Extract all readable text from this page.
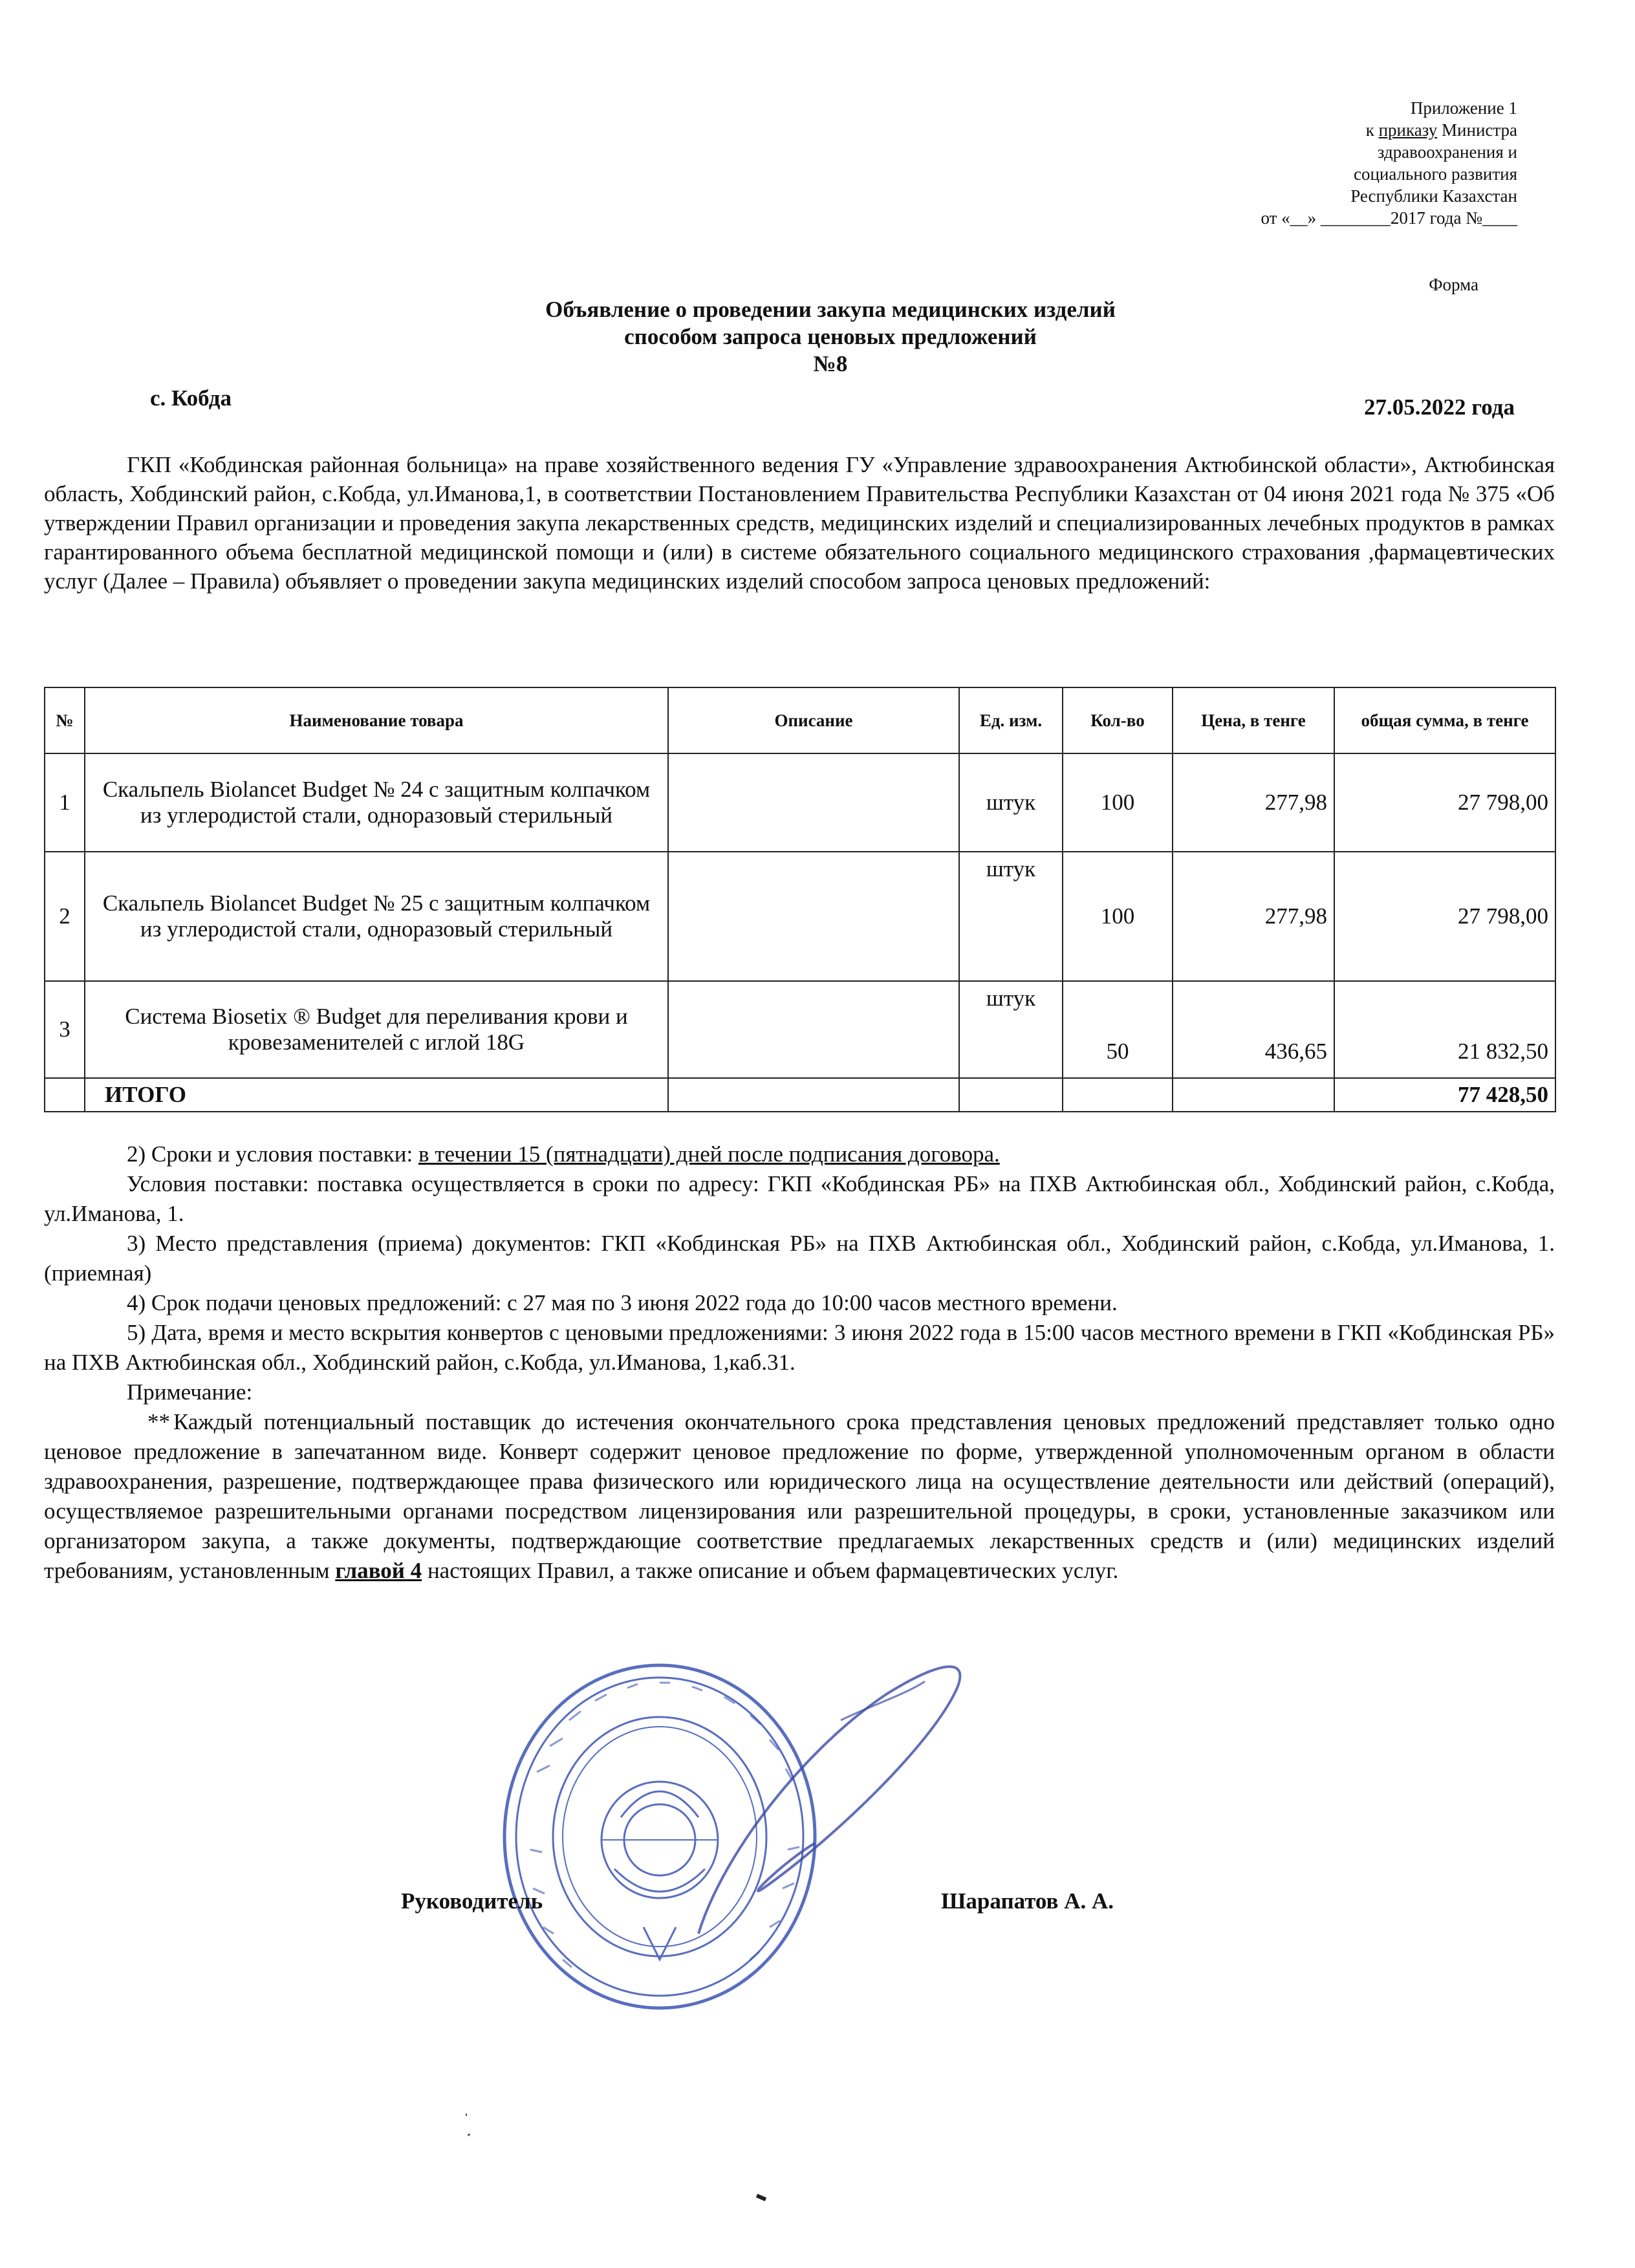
Приложение 1
к приказу Министра
здравоохранения и
социального развития
Республики Казахстан
от «__» ________2017 года №____
Форма
Объявление о проведении закупа медицинских изделий
способом запроса ценовых предложений
№8
с. Кобда	27.05.2022 года
ГКП «Кобдинская районная больница» на праве хозяйственного ведения ГУ «Управление здравоохранения Актюбинской области», Актюбинская область, Хобдинский район, с.Кобда, ул.Иманова,1, в соответствии Постановлением Правительства Республики Казахстан от 04 июня 2021 года № 375 «Об утверждении Правил организации и проведения закупа лекарственных средств, медицинских изделий и специализированных лечебных продуктов в рамках гарантированного объема бесплатной медицинской помощи и (или) в системе обязательного социального медицинского страхования ,фармацевтических услуг (Далее – Правила) объявляет о проведении закупа медицинских изделий способом запроса ценовых предложений:
№	Наименование товара	Описание	Ед. изм.	Кол-во	Цена, в тенге	общая сумма, в тенге
1	Скальпель Biolancet Budget № 24 с защитным колпачком из углеродистой стали, одноразовый стерильный		штук	100	277,98	27 798,00
2	Скальпель Biolancet Budget № 25 с защитным колпачком из углеродистой стали, одноразовый стерильный		штук	100	277,98	27 798,00
3	Система Biosetix ® Budget для переливания крови и кровезаменителей с иглой 18G		штук	50	436,65	21 832,50
	ИТОГО					77 428,50

2) Сроки и условия поставки: в течении 15 (пятнадцати) дней после подписания договора.

Условия поставки: поставка осуществляется в сроки по адресу: ГКП «Кобдинская РБ» на ПХВ Актюбинская обл., Хобдинский район, с.Кобда, ул.Иманова, 1.

3) Место представления (приема) документов: ГКП «Кобдинская РБ» на ПХВ Актюбинская обл., Хобдинский район, с.Кобда, ул.Иманова, 1. (приемная)

4) Срок подачи ценовых предложений: с 27 мая по 3 июня 2022 года до 10:00 часов местного времени.

5) Дата, время и место вскрытия конвертов с ценовыми предложениями: 3 июня 2022 года в 15:00 часов местного времени в ГКП «Кобдинская РБ» на ПХВ Актюбинская обл., Хобдинский район, с.Кобда, ул.Иманова, 1,каб.31.

Примечание:

** Каждый потенциальный поставщик до истечения окончательного срока представления ценовых предложений представляет только одно ценовое предложение в запечатанном виде. Конверт содержит ценовое предложение по форме, утвержденной уполномоченным органом в области здравоохранения, разрешение, подтверждающее права физического или юридического лица на осуществление деятельности или действий (операций), осуществляемое разрешительными органами посредством лицензирования или разрешительной процедуры, в сроки, установленные заказчиком или организатором закупа, а также документы, подтверждающие соответствие предлагаемых лекарственных средств и (или) медицинских изделий требованиям, установленным главой 4 настоящих Правил, а также описание и объем фармацевтических услуг.

Руководитель	Шарапатов А. А.
